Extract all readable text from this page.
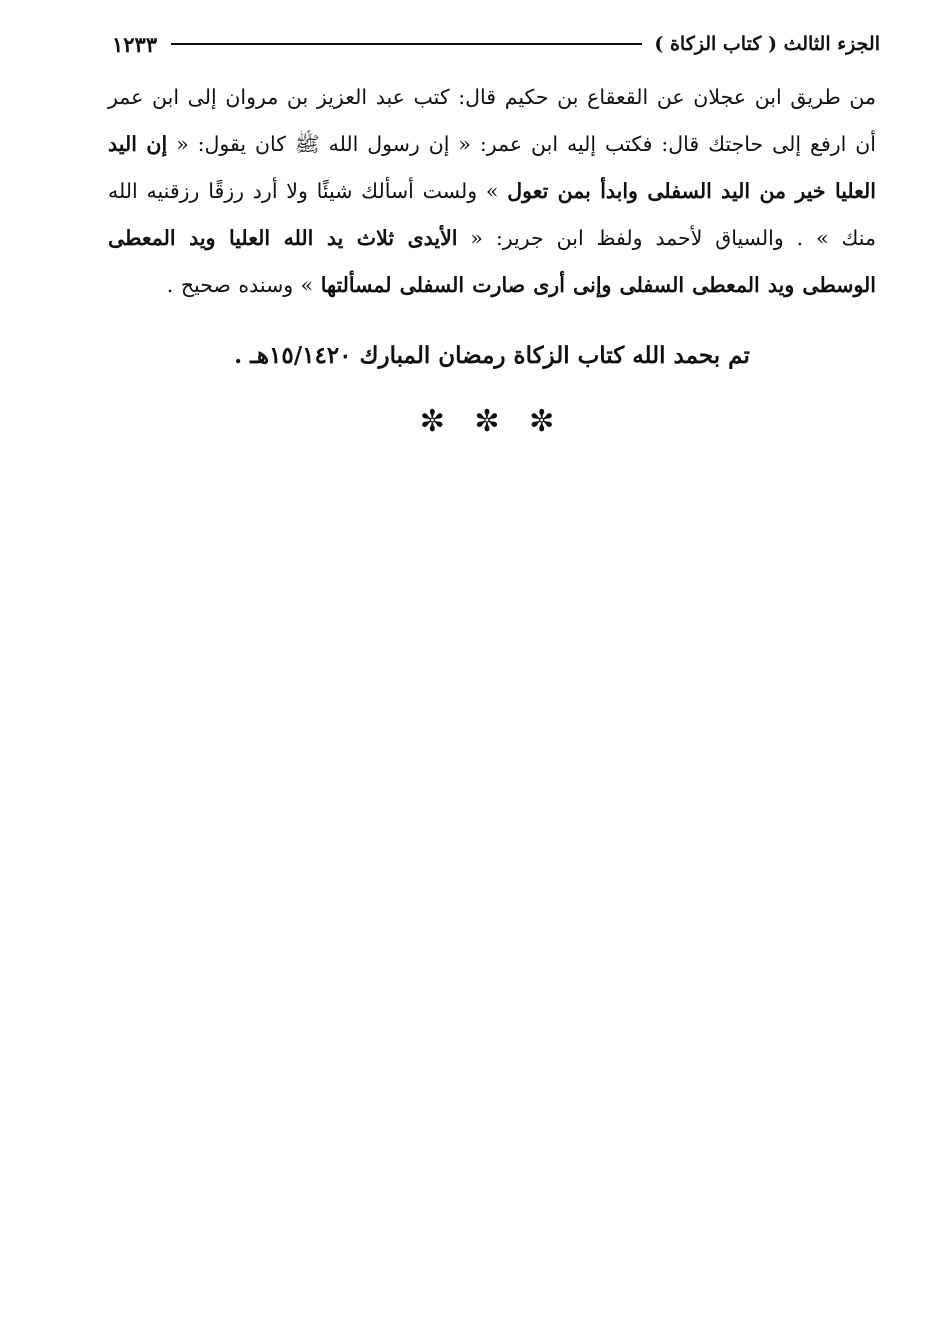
الجزء الثالث ( كتاب الزكاة )
١٢٣٣
من طريق ابن عجلان عن القعقاع بن حكيم قال: كتب عبد العزيز بن مروان إلى ابن عمر أن ارفع إلى حاجتك قال: فكتب إليه ابن عمر: « إن رسول الله ﷺ كان يقول: « إن اليد العليا خير من اليد السفلى وابدأ بمن تعول » ولست أسألك شيئًا ولا أرد رزقًا رزقنيه الله منك » . والسياق لأحمد ولفظ ابن جرير: « الأيدى ثلاث يد الله العليا ويد المعطى الوسطى ويد المعطى السفلى وإنى أرى صارت السفلى لمسألتها » وسنده صحيح .
تم بحمد الله كتاب الزكاة رمضان المبارك ١٥/١٤٢٠هـ .
✼ ✼ ✼
